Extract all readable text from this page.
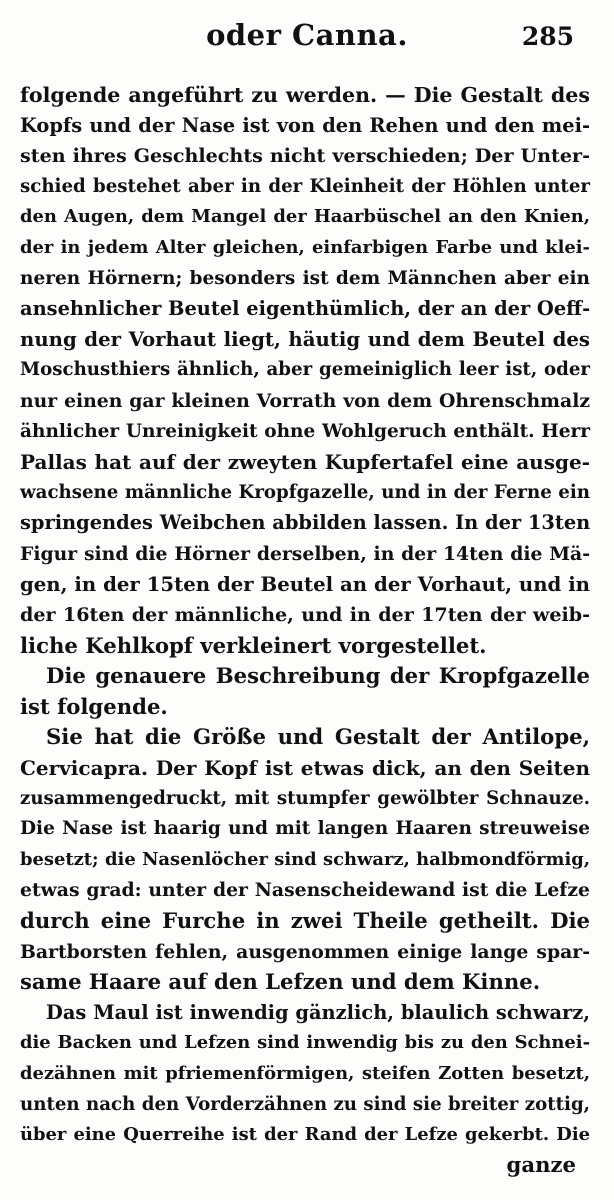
oder Canna.	285
folgende angeführt zu werden. — Die Gestalt des
Kopfs und der Nase ist von den Rehen und den mei-
sten ihres Geschlechts nicht verschieden; Der Unter-
schied bestehet aber in der Kleinheit der Höhlen unter
den Augen, dem Mangel der Haarbüschel an den Knien,
der in jedem Alter gleichen, einfarbigen Farbe und klei-
neren Hörnern; besonders ist dem Männchen aber ein
ansehnlicher Beutel eigenthümlich, der an der Oeff-
nung der Vorhaut liegt, häutig und dem Beutel des
Moschusthiers ähnlich, aber gemeiniglich leer ist, oder
nur einen gar kleinen Vorrath von dem Ohrenschmalz
ähnlicher Unreinigkeit ohne Wohlgeruch enthält. Herr
Pallas hat auf der zweyten Kupfertafel eine ausge-
wachsene männliche Kropfgazelle, und in der Ferne ein
springendes Weibchen abbilden lassen. In der 13ten
Figur sind die Hörner derselben, in der 14ten die Mä-
gen, in der 15ten der Beutel an der Vorhaut, und in
der 16ten der männliche, und in der 17ten der weib-
liche Kehlkopf verkleinert vorgestellet.
Die genauere Beschreibung der Kropfgazelle
ist folgende.
Sie hat die Größe und Gestalt der Antilope,
Cervicapra. Der Kopf ist etwas dick, an den Seiten
zusammengedruckt, mit stumpfer gewölbter Schnauze.
Die Nase ist haarig und mit langen Haaren streuweise
besetzt; die Nasenlöcher sind schwarz, halbmondförmig,
etwas grad: unter der Nasenscheidewand ist die Lefze
durch eine Furche in zwei Theile getheilt. Die
Bartborsten fehlen, ausgenommen einige lange spar-
same Haare auf den Lefzen und dem Kinne.
Das Maul ist inwendig gänzlich, blaulich schwarz,
die Backen und Lefzen sind inwendig bis zu den Schnei-
dezähnen mit pfriemenförmigen, steifen Zotten besetzt,
unten nach den Vorderzähnen zu sind sie breiter zottig,
über eine Querreihe ist der Rand der Lefze gekerbt. Die
ganze
